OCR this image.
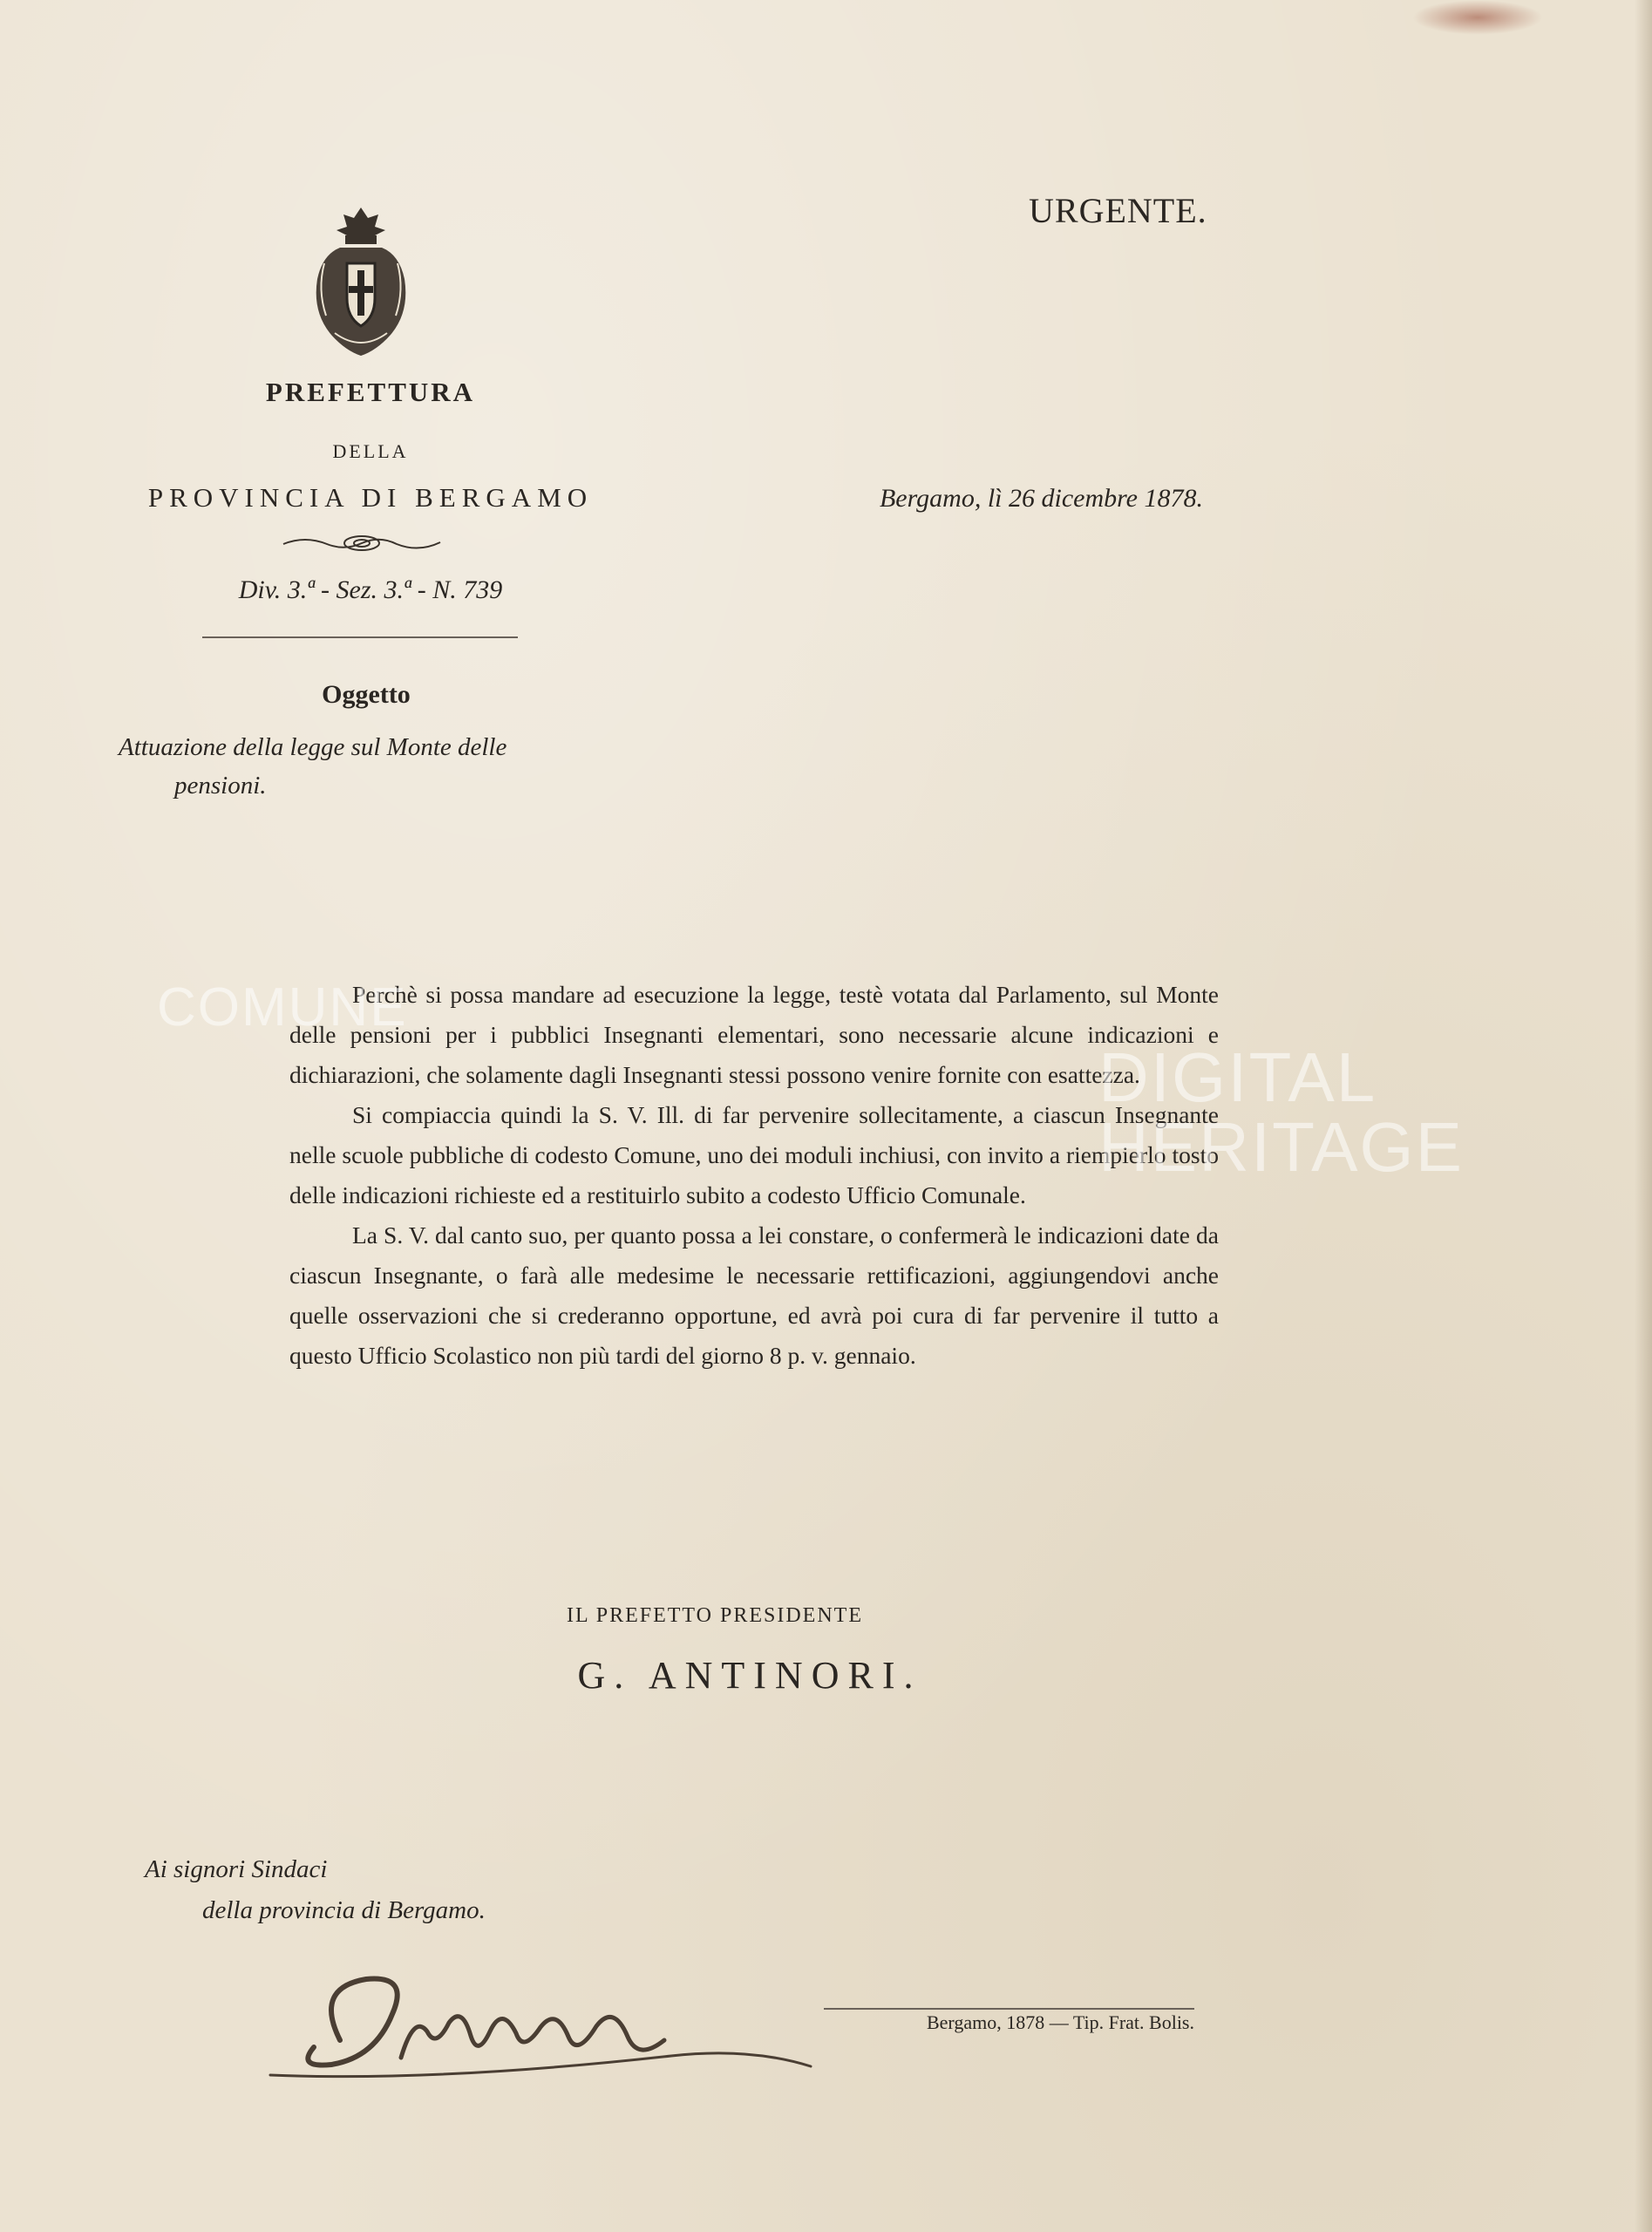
URGENTE.
PREFETTURA
DELLA
PROVINCIA DI BERGAMO
Div. 3.ª - Sez. 3.ª - N. 739
Oggetto
Attuazione della legge sul Monte delle
pensioni.
Bergamo, lì 26 dicembre 1878.

Perchè si possa mandare ad esecuzione la legge, testè votata dal Parlamento, sul Monte delle pensioni per i pubblici Insegnanti elementari, sono necessarie alcune indicazioni e dichiarazioni, che solamente dagli Insegnanti stessi possono venire fornite con esattezza.

Si compiaccia quindi la S. V. Ill. di far pervenire sollecitamente, a ciascun Insegnante nelle scuole pubbliche di codesto Comune, uno dei moduli inchiusi, con invito a riempierlo tosto delle indicazioni richieste ed a restituirlo subito a codesto Ufficio Comunale.

La S. V. dal canto suo, per quanto possa a lei constare, o confermerà le indicazioni date da ciascun Insegnante, o farà alle medesime le necessarie rettificazioni, aggiungendovi anche quelle osservazioni che si crederanno opportune, ed avrà poi cura di far pervenire il tutto a questo Ufficio Scolastico non più tardi del giorno 8 p. v. gennaio.

COMUNE
DIGITAL
HERITAGE
IL PREFETTO PRESIDENTE
G. ANTINORI.
Ai signori Sindaci
della provincia di Bergamo.
Bergamo, 1878 — Tip. Frat. Bolis.
